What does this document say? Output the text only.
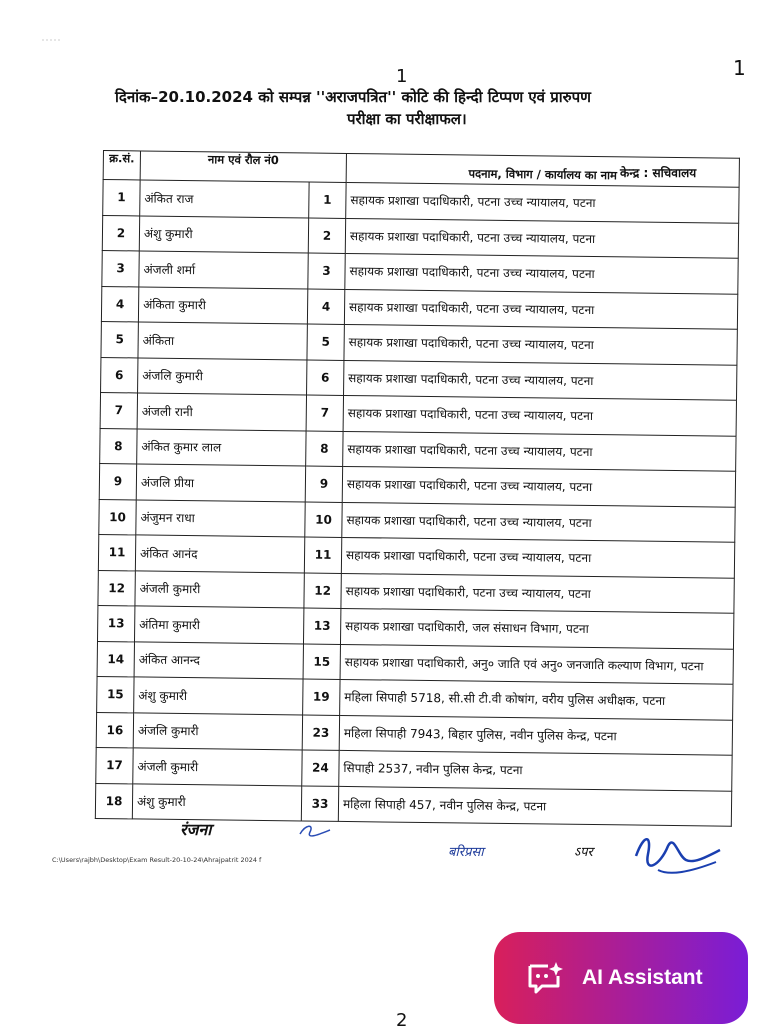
1	1
दिनांक–20.10.2024 को सम्पन्न ''अराजपत्रित'' कोटि की हिन्दी टिप्पण एवं प्रारुपण
परीक्षा का परीक्षाफल।
क्र.सं.	नाम एवं रौल नं0		पदनाम, विभाग / कार्यालय का नाम
1	अंकित राज	1	सहायक प्रशाखा पदाधिकारी, पटना उच्च न्यायालय, पटना
2	अंशु कुमारी	2	सहायक प्रशाखा पदाधिकारी, पटना उच्च न्यायालय, पटना
3	अंजली शर्मा	3	सहायक प्रशाखा पदाधिकारी, पटना उच्च न्यायालय, पटना
4	अंकिता कुमारी	4	सहायक प्रशाखा पदाधिकारी, पटना उच्च न्यायालय, पटना
5	अंकिता	5	सहायक प्रशाखा पदाधिकारी, पटना उच्च न्यायालय, पटना
6	अंजलि कुमारी	6	सहायक प्रशाखा पदाधिकारी, पटना उच्च न्यायालय, पटना
7	अंजली रानी	7	सहायक प्रशाखा पदाधिकारी, पटना उच्च न्यायालय, पटना
8	अंकित कुमार लाल	8	सहायक प्रशाखा पदाधिकारी, पटना उच्च न्यायालय, पटना
9	अंजलि प्रीया	9	सहायक प्रशाखा पदाधिकारी, पटना उच्च न्यायालय, पटना
10	अंजुमन राधा	10	सहायक प्रशाखा पदाधिकारी, पटना उच्च न्यायालय, पटना
11	अंकित आनंद	11	सहायक प्रशाखा पदाधिकारी, पटना उच्च न्यायालय, पटना
12	अंजली कुमारी	12	सहायक प्रशाखा पदाधिकारी, पटना उच्च न्यायालय, पटना
13	अंतिमा कुमारी	13	सहायक प्रशाखा पदाधिकारी, जल संसाधन विभाग, पटना
14	अंकित आनन्द	15	सहायक प्रशाखा पदाधिकारी, अनु० जाति एवं अनु० जनजाति कल्याण विभाग, पटना
15	अंशु कुमारी	19	महिला सिपाही 5718, सी.सी टी.वी कोषांग, वरीय पुलिस अधीक्षक, पटना
16	अंजलि कुमारी	23	महिला सिपाही 7943, बिहार पुलिस, नवीन पुलिस केन्द्र, पटना
17	अंजली कुमारी	24	सिपाही 2537, नवीन पुलिस केन्द्र, पटना
18	अंशु कुमारी	33	महिला सिपाही 457, नवीन पुलिस केन्द्र, पटना
केन्द्र : सचिवालय
रंजना
बरिप्रसा	ऽपर
C:\Users\rajbh\Desktop\Exam Result-20-10-24\Ahrajpatrit 2024 f
2
AI Assistant
